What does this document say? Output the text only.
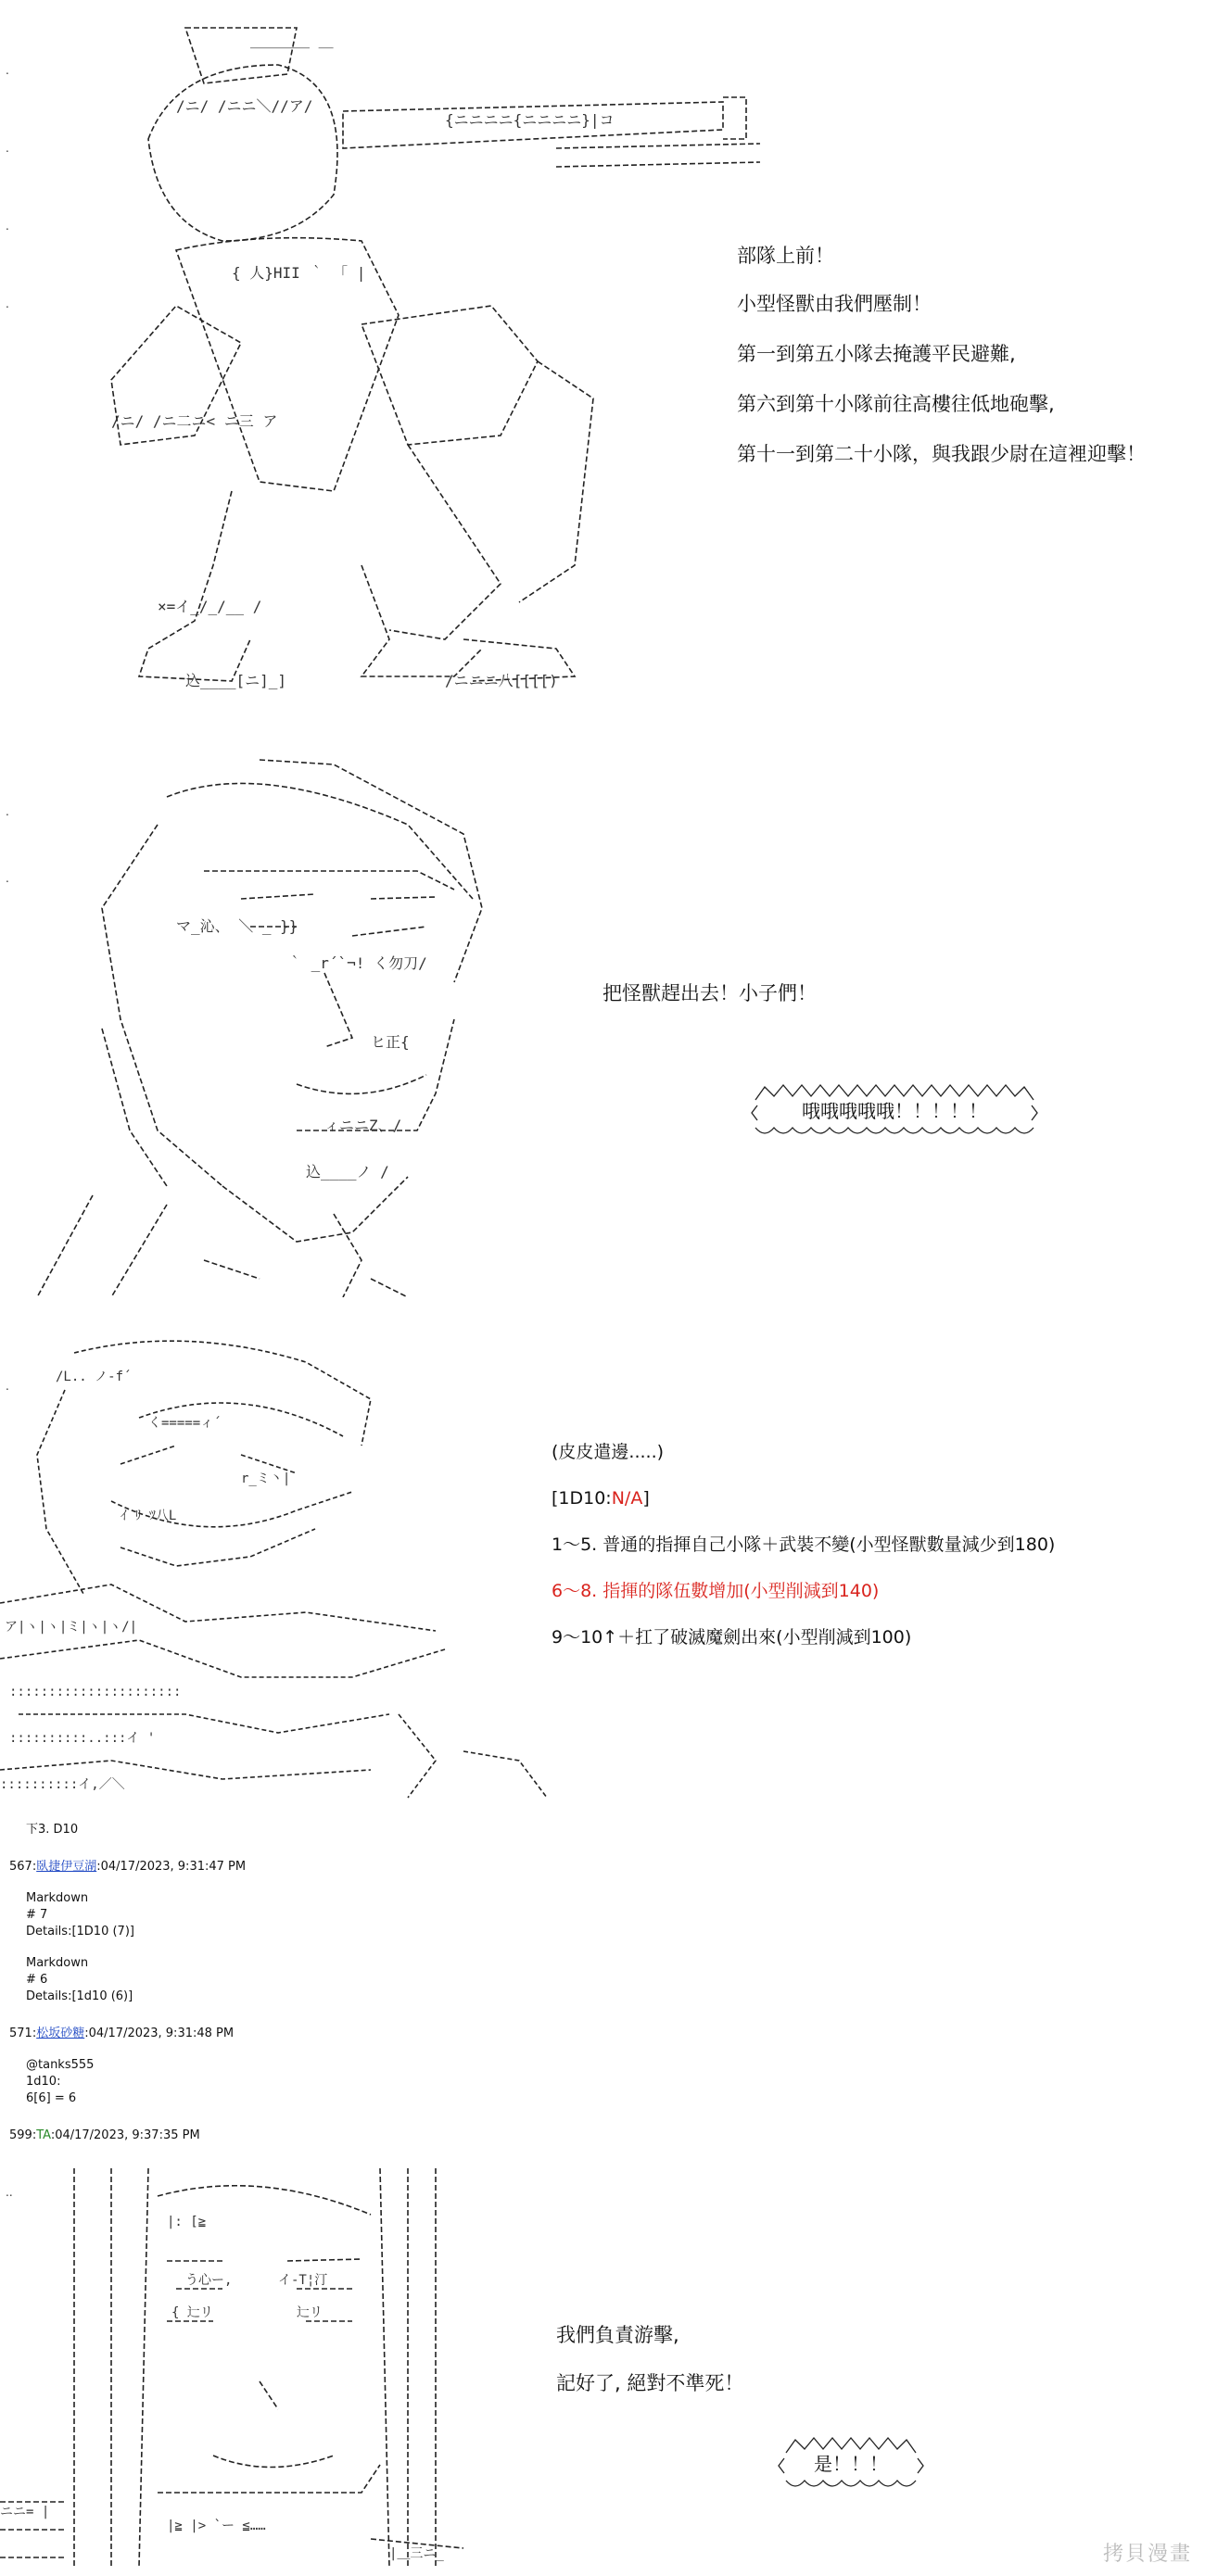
＿＿＿＿ ＿
/ニ/ /ニニ＼//ア/
{ニニニニ{ニニニニ}|コ
{ 人}HII ｀ 「 |
/ニ/ /ニ二ニ< ニ三 ア
×=イ_/_/__ /
込____[ニ]_]	/ニニニ八[[[[)
.

.

.

.
部隊上前！
小型怪獸由我們壓制！
第一到第五小隊去掩護平民避難,
第六到第十小隊前往高樓往低地砲擊,
第十一到第二十小隊，與我跟少尉在這裡迎擊！
マ_沁、 ＼ _ }}
｀ _r´`¬! く勿刀/
ヒ正{
ィニニZ、/
込____ノ /
.

.
把怪獸趕出去！小子們！
哦哦哦哦哦！！！！！
/L.. ノ-f´
く=====ィ´
r_ミ丶|
ｲ ﾘ ﾂ八L
ア|ヽ|ヽ|ミ|ヽ|ヽ/|
::::::::::::::::::::::
::::::::::..:::イ '
::::::::::イ‚／＼
.
(皮皮遣邊.....)
[1D10:N/A]
1～5. 普通的指揮自己小隊＋武裝不變(小型怪獸數量減少到180)
6～8. 指揮的隊伍數增加(小型削減到140)
9～10↑＋扛了破滅魔劍出來(小型削減到100)
下3. D10
567:臥捷伊豆湖:04/17/2023, 9:31:47 PM
Markdown
# 7
Details:[1D10 (7)]
Markdown
# 6
Details:[1d10 (6)]
571:松坂砂糖:04/17/2023, 9:31:48 PM
@tanks555
1d10:
6[6] = 6
599:TA:04/17/2023, 9:37:35 PM
|: [≧
う心ー‚	イ-T¦汀
{ 辷リ	辷リ
ニニ= |
|≧ |> `ー ≦……
|＿三ニ_
..
我們負責游擊,
記好了, 絕對不準死！
是！！！
拷貝漫畫
